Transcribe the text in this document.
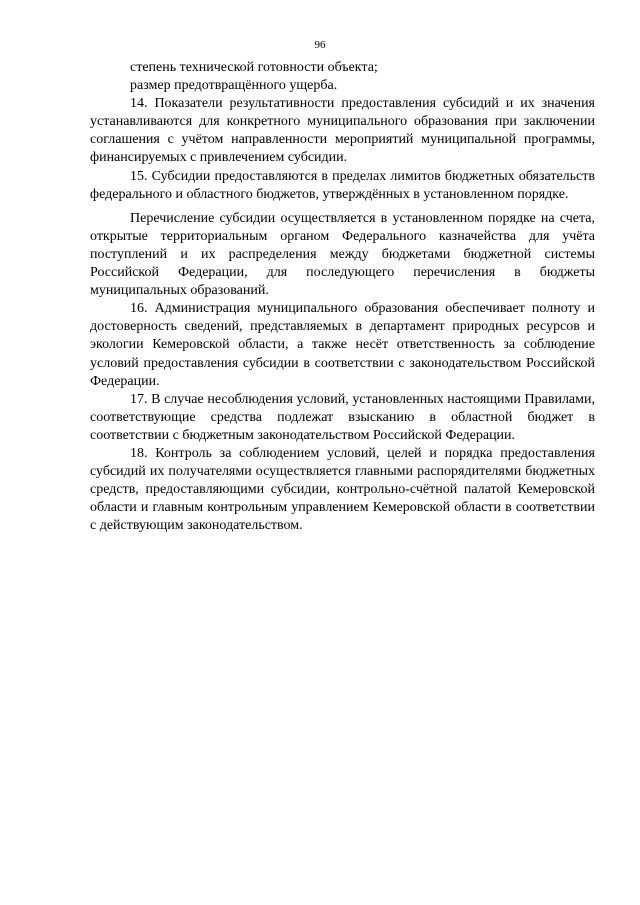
96

степень технической готовности объекта;

размер предотвращённого ущерба.

14. Показатели результативности предоставления субсидий и их значения устанавливаются для конкретного муниципального образования при заключении соглашения с учётом направленности мероприятий муниципальной программы, финансируемых с привлечением субсидии.

15. Субсидии предоставляются в пределах лимитов бюджетных обязательств федерального и областного бюджетов, утверждённых в установленном порядке.

Перечисление субсидии осуществляется в установленном порядке на счета, открытые территориальным органом Федерального казначейства для учёта поступлений и их распределения между бюджетами бюджетной системы Российской Федерации, для последующего перечисления в бюджеты муниципальных образований.

16. Администрация муниципального образования обеспечивает полноту и достоверность сведений, представляемых в департамент природных ресурсов и экологии Кемеровской области, а также несёт ответственность за соблюдение условий предоставления субсидии в соответствии с законодательством Российской Федерации.

17. В случае несоблюдения условий, установленных настоящими Правилами, соответствующие средства подлежат взысканию в областной бюджет в соответствии с бюджетным законодательством Российской Федерации.

18. Контроль за соблюдением условий, целей и порядка предоставления субсидий их получателями осуществляется главными распорядителями бюджетных средств, предоставляющими субсидии, контрольно-счётной палатой Кемеровской области и главным контрольным управлением Кемеровской области в соответствии с действующим законодательством.
